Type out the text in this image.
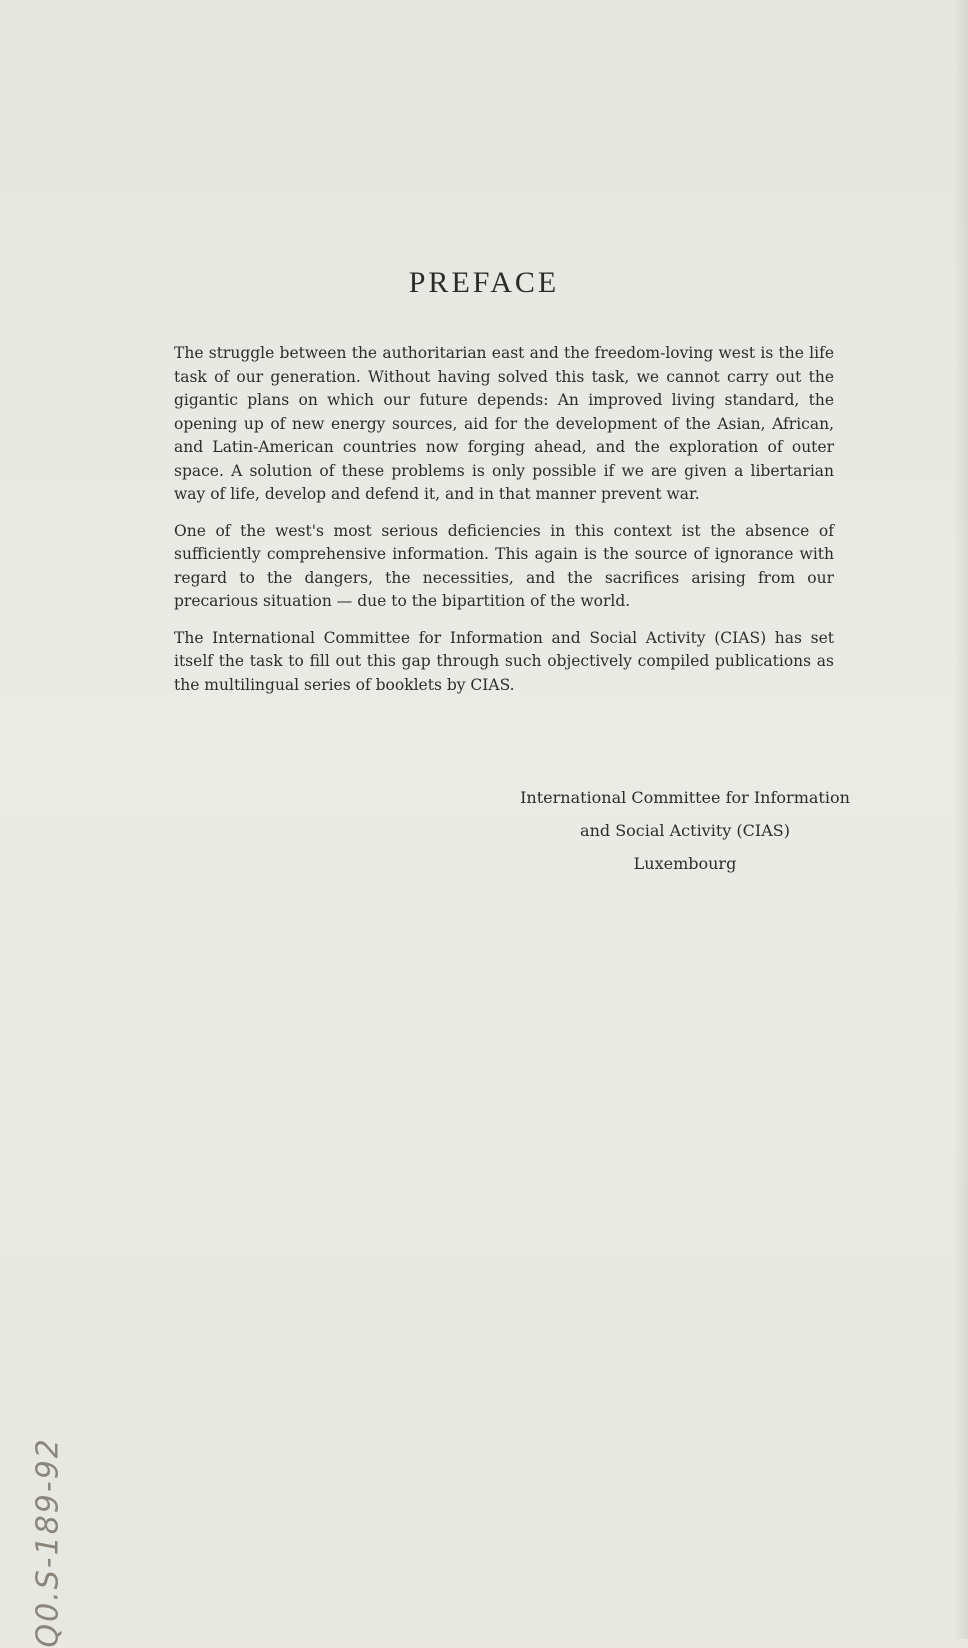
PREFACE

The struggle between the authoritarian east and the freedom-loving west is the life task of our generation. Without having solved this task, we cannot carry out the gigantic plans on which our future depends: An improved living standard, the opening up of new energy sources, aid for the development of the Asian, African, and Latin-American countries now forging ahead, and the exploration of outer space. A solution of these problems is only possible if we are given a libertarian way of life, develop and defend it, and in that manner prevent war.

One of the west's most serious deficiencies in this context ist the absence of sufficiently comprehensive information. This again is the source of ignorance with regard to the dangers, the necessities, and the sacrifices arising from our precarious situation — due to the bipartition of the world.

The International Committee for Information and Social Activity (CIAS) has set itself the task to fill out this gap through such objectively compiled publications as the multilingual series of booklets by CIAS.

International Committee for Information
and Social Activity (CIAS)
Luxembourg
Q0.S-189-92
